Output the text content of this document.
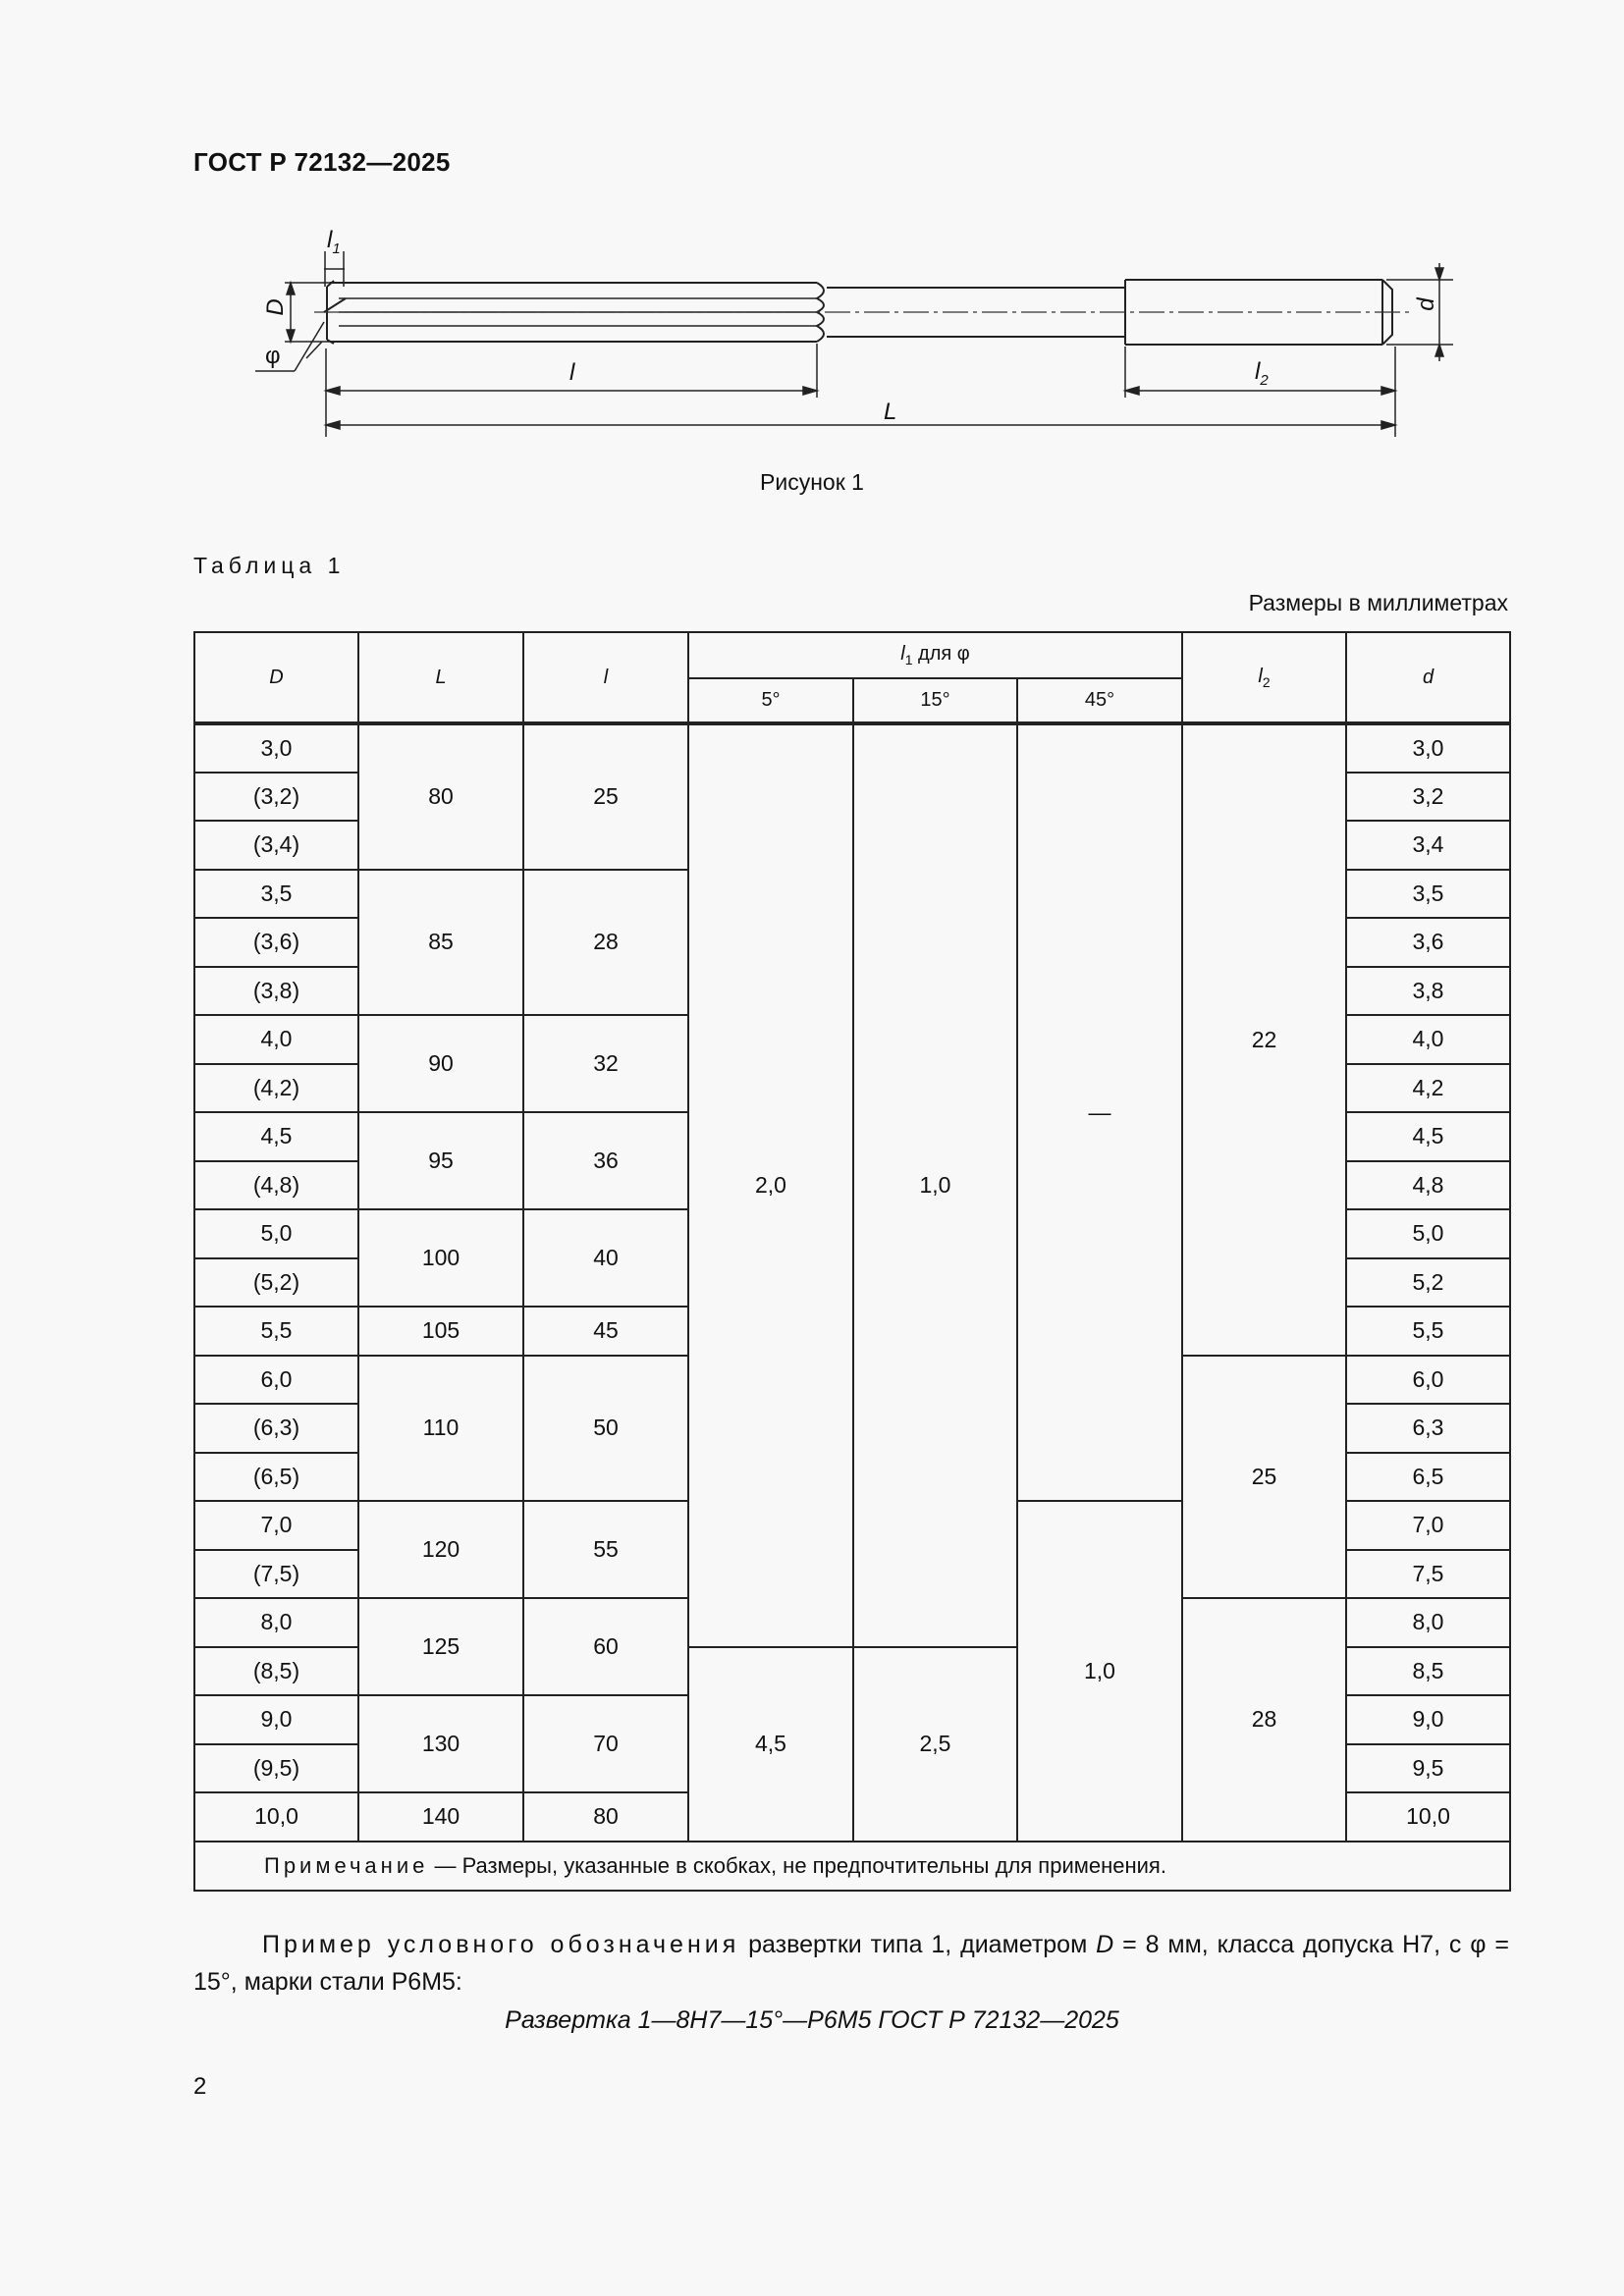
ГОСТ Р 72132—2025
$l_1$
D
φ
l	$l_2$
L
d
Рисунок 1
Таблица 1
Размеры в миллиметрах
D	L	l	$l_1$ для φ			$l_2$	d
			5°	15°	45°		
3,0	80	25	2,0	1,0	—	22	3,0
(3,2)							3,2
(3,4)							3,4
3,5	85	28					3,5
(3,6)							3,6
(3,8)							3,8
4,0	90	32					4,0
(4,2)							4,2
4,5	95	36					4,5
(4,8)							4,8
5,0	100	40					5,0
(5,2)							5,2
5,5	105	45					5,5
6,0	110	50				25	6,0
(6,3)							6,3
(6,5)							6,5
7,0	120	55			1,0		7,0
(7,5)							7,5
8,0	125	60				28	8,0
(8,5)			4,5	2,5			8,5
9,0	130	70					9,0
(9,5)							9,5
10,0	140	80					10,0
Примечание — Размеры, указанные в скобках, не предпочтительны для применения.							
Пример условного обозначения развертки типа 1, диаметром D = 8 мм, класса допуска Н7, с φ = 15°, марки стали Р6М5:
Развертка 1—8Н7—15°—Р6М5 ГОСТ Р 72132—2025
2
